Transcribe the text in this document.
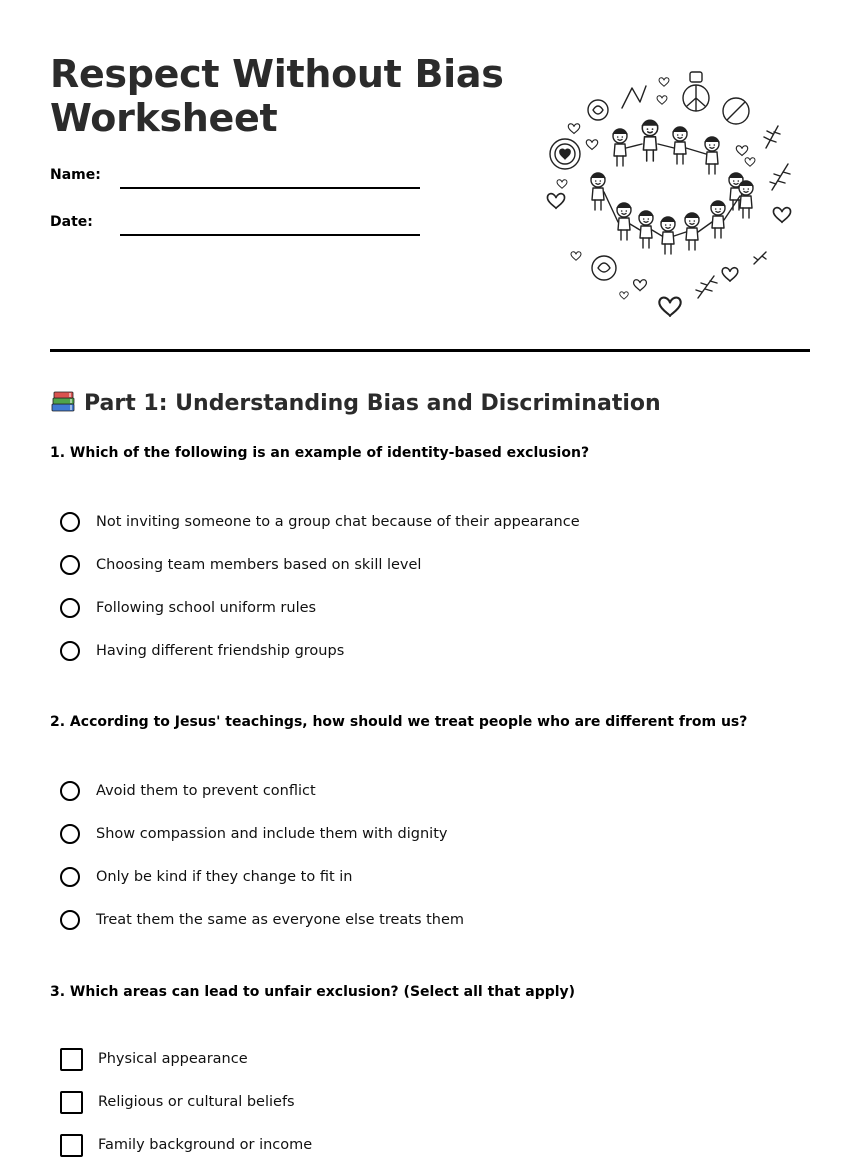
Respect Without Bias
Worksheet
Name:
Date:
Part 1: Understanding Bias and Discrimination
1. Which of the following is an example of identity-based exclusion?
Not inviting someone to a group chat because of their appearance
Choosing team members based on skill level
Following school uniform rules
Having different friendship groups
2. According to Jesus' teachings, how should we treat people who are different from us?
Avoid them to prevent conflict
Show compassion and include them with dignity
Only be kind if they change to fit in
Treat them the same as everyone else treats them
3. Which areas can lead to unfair exclusion? (Select all that apply)
Physical appearance
Religious or cultural beliefs
Family background or income
